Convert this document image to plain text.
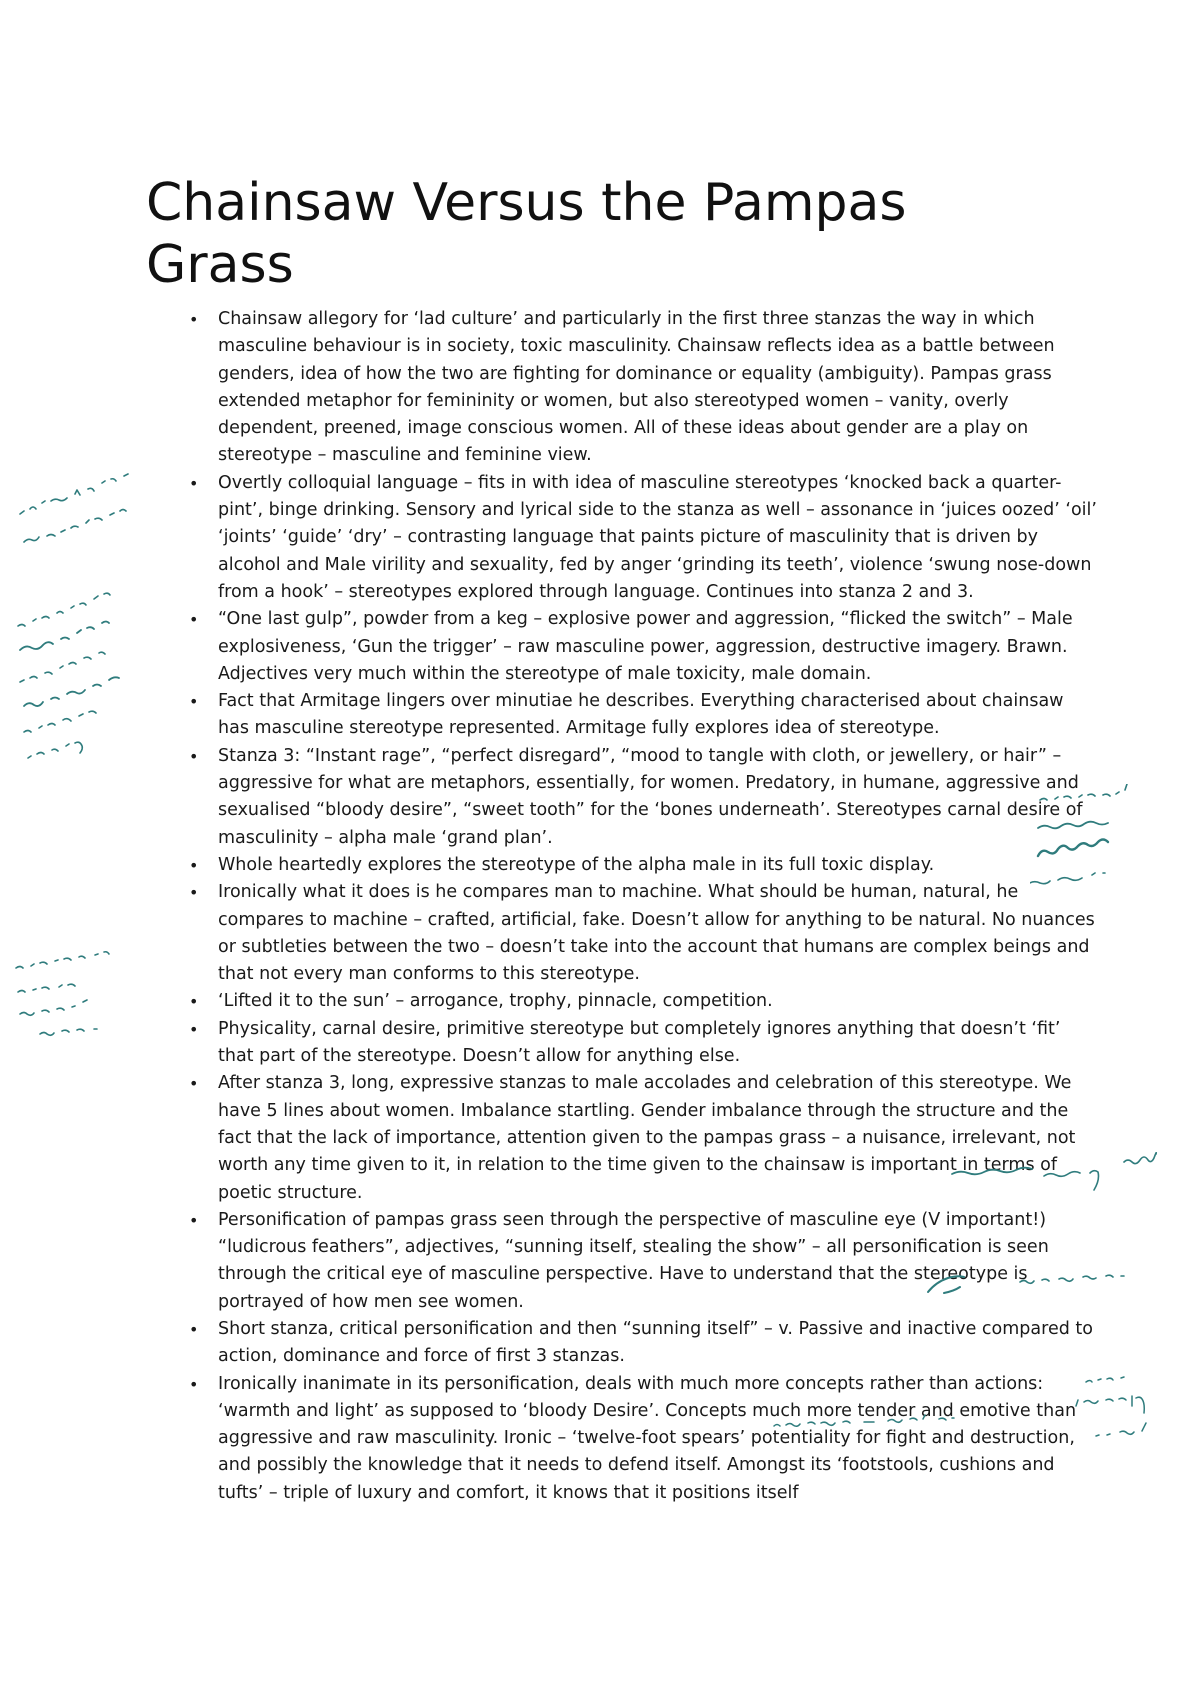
Chainsaw Versus the Pampas Grass
• Chainsaw allegory for ‘lad culture’ and particularly in the first three stanzas the way in which masculine behaviour is in society, toxic masculinity. Chainsaw reflects idea as a battle between genders, idea of how the two are fighting for dominance or equality (ambiguity). Pampas grass extended metaphor for femininity or women, but also stereotyped women – vanity, overly dependent, preened, image conscious women. All of these ideas about gender are a play on stereotype – masculine and feminine view.
• Overtly colloquial language – fits in with idea of masculine stereotypes ‘knocked back a quarter-pint’, binge drinking. Sensory and lyrical side to the stanza as well – assonance in ‘juices oozed’ ‘oil’ ‘joints’ ‘guide’ ‘dry’ – contrasting language that paints picture of masculinity that is driven by alcohol and Male virility and sexuality, fed by anger ‘grinding its teeth’, violence ‘swung nose-down from a hook’ – stereotypes explored through language. Continues into stanza 2 and 3.
• “One last gulp”, powder from a keg – explosive power and aggression, “flicked the switch” – Male explosiveness, ‘Gun the trigger’ – raw masculine power, aggression, destructive imagery. Brawn. Adjectives very much within the stereotype of male toxicity, male domain.
• Fact that Armitage lingers over minutiae he describes. Everything characterised about chainsaw has masculine stereotype represented. Armitage fully explores idea of stereotype.
• Stanza 3: “Instant rage”, “perfect disregard”, “mood to tangle with cloth, or jewellery, or hair” – aggressive for what are metaphors, essentially, for women. Predatory, in humane, aggressive and sexualised “bloody desire”, “sweet tooth” for the ‘bones underneath’. Stereotypes carnal desire of masculinity – alpha male ‘grand plan’.
• Whole heartedly explores the stereotype of the alpha male in its full toxic display.
• Ironically what it does is he compares man to machine. What should be human, natural, he compares to machine – crafted, artificial, fake. Doesn’t allow for anything to be natural. No nuances or subtleties between the two – doesn’t take into the account that humans are complex beings and that not every man conforms to this stereotype.
• ‘Lifted it to the sun’ – arrogance, trophy, pinnacle, competition.
• Physicality, carnal desire, primitive stereotype but completely ignores anything that doesn’t ‘fit’ that part of the stereotype. Doesn’t allow for anything else.
• After stanza 3, long, expressive stanzas to male accolades and celebration of this stereotype. We have 5 lines about women. Imbalance startling. Gender imbalance through the structure and the fact that the lack of importance, attention given to the pampas grass – a nuisance, irrelevant, not worth any time given to it, in relation to the time given to the chainsaw is important in terms of poetic structure.
• Personification of pampas grass seen through the perspective of masculine eye (V important!) “ludicrous feathers”, adjectives, “sunning itself, stealing the show” – all personification is seen through the critical eye of masculine perspective. Have to understand that the stereotype is portrayed of how men see women.
• Short stanza, critical personification and then “sunning itself” – v. Passive and inactive compared to action, dominance and force of first 3 stanzas.
• Ironically inanimate in its personification, deals with much more concepts rather than actions: ‘warmth and light’ as supposed to ‘bloody Desire’. Concepts much more tender and emotive than aggressive and raw masculinity. Ironic – ‘twelve-foot spears’ potentiality for fight and destruction, and possibly the knowledge that it needs to defend itself. Amongst its ‘footstools, cushions and tufts’ – triple of luxury and comfort, it knows that it positions itself
